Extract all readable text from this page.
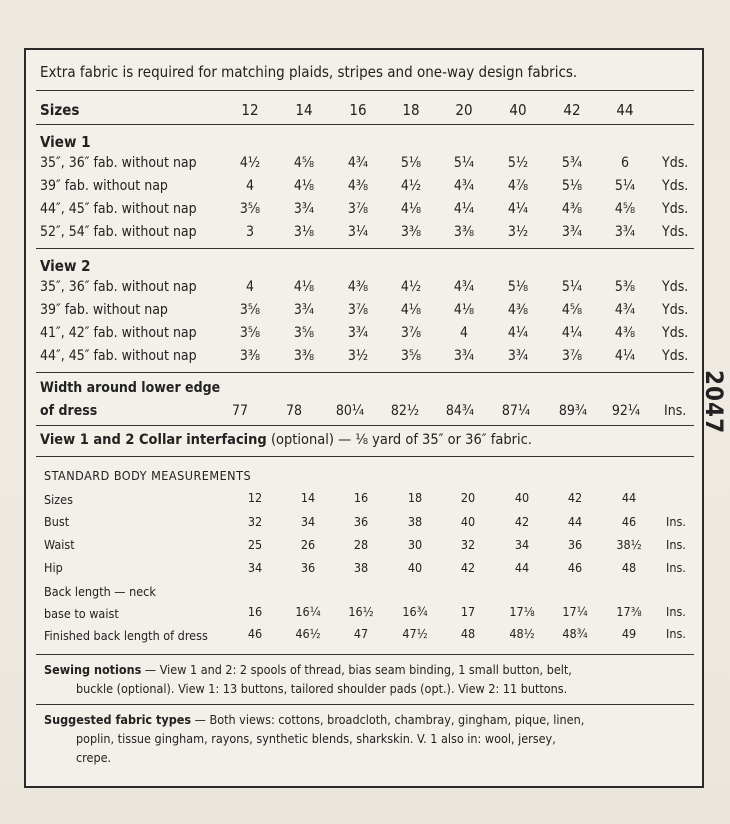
2047
Extra fabric is required for matching plaids, stripes and one-way design fabrics.
Sizes	12	14	16	18	20	40	42	44
View 1
35″, 36″ fab. without nap	4½	4⅝	4¾	5⅛	5¼	5½	5¾	6	Yds.
39″ fab. without nap	4	4⅛	4⅜	4½	4¾	4⅞	5⅛	5¼	Yds.
44″, 45″ fab. without nap	3⅝	3¾	3⅞	4⅛	4¼	4¼	4⅜	4⅝	Yds.
52″, 54″ fab. without nap	3	3⅛	3¼	3⅜	3⅜	3½	3¾	3¾	Yds.
View 2
35″, 36″ fab. without nap	4	4⅛	4⅜	4½	4¾	5⅛	5¼	5⅜	Yds.
39″ fab. without nap	3⅝	3¾	3⅞	4⅛	4⅛	4⅜	4⅝	4¾	Yds.
41″, 42″ fab. without nap	3⅝	3⅝	3¾	3⅞	4	4¼	4¼	4⅜	Yds.
44″, 45″ fab. without nap	3⅜	3⅜	3½	3⅝	3¾	3¾	3⅞	4¼	Yds.
Width around lower edge
of dress	77	78	80¼	82½	84¾	87¼	89¾	92¼	Ins.
View 1 and 2 Collar interfacing (optional) — ⅛ yard of 35″ or 36″ fabric.
STANDARD BODY MEASUREMENTS
Sizes	12	14	16	18	20	40	42	44
Bust	32	34	36	38	40	42	44	46	Ins.
Waist	25	26	28	30	32	34	36	38½	Ins.
Hip	34	36	38	40	42	44	46	48	Ins.
Back length — neck
base to waist	16	16¼	16½	16¾	17	17⅛	17¼	17⅜	Ins.
Finished back length of dress	46	46½	47	47½	48	48½	48¾	49	Ins.
Sewing notions — View 1 and 2: 2 spools of thread, bias seam binding, 1 small button, belt,
buckle (optional). View 1: 13 buttons, tailored shoulder pads (opt.). View 2: 11 buttons.
Suggested fabric types — Both views: cottons, broadcloth, chambray, gingham, pique, linen,
poplin, tissue gingham, rayons, synthetic blends, sharkskin. V. 1 also in: wool, jersey,
crepe.
